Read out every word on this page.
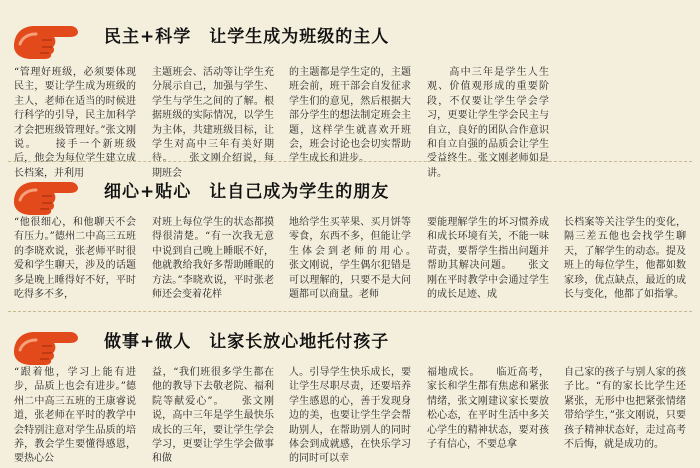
民主+科学　让学生成为班级的主人
“管理好班级，必须要体现民主，要让学生成为班级的主人，老师在适当的时候进行科学的引导，民主加科学才会把班级管理好。”张文刚说。　　接手一个新班级后，他会为每位学生建立成长档案，并利用
主题班会、活动等让学生充分展示自己，加强与学生、学生与学生之间的了解。根据班级的实际情况，以学生为主体，共建班级目标，让学生对高中三年有美好期待。　　张文刚介绍说，每期班会
的主题都是学生定的，主题班会前，班干部会自发征求学生们的意见，然后根据大部分学生的想法制定班会主题，这样学生就喜欢开班会，班会讨论也会切实帮助学生成长和进步。
　　高中三年是学生人生观、价值观形成的重要阶段，不仅要让学生学会学习，更要让学生学会民主与自立，良好的团队合作意识和自立自强的品质会让学生受益终生。张文刚老师如是讲。
细心+贴心　让自己成为学生的朋友
“他很细心，和他聊天不会有压力。”德州二中高三五班的李晓欢说，张老师平时很爱和学生聊天，涉及的话题多是晚上睡得好不好，平时吃得多不多，
对班上每位学生的状态都摸得很清楚。“有一次我无意中说到自己晚上睡眠不好，他就教给我好多帮助睡眠的方法。”李晓欢说，平时张老师还会变着花样
地给学生买苹果、买月饼等零食，东西不多，但能让学生体会到老师的用心。　　张文刚说，学生偶尔犯错是可以理解的，只要不是大问题都可以商量。老师
要能理解学生的坏习惯养成和成长环境有关，不能一味苛责，要帮学生指出问题并帮助其解决问题。　　张文刚在平时教学中会通过学生的成长足迹、成
长档案等关注学生的变化，隔三差五他也会找学生聊天，了解学生的动态。提及班上的每位学生，他都如数家珍，优点缺点，最近的成长与变化，他都了如指掌。
做事+做人　让家长放心地托付孩子
“跟着他，学习上能有进步，品质上也会有进步。”德州二中高三五班的王康睿说道，张老师在平时的教学中会特别注意对学生品质的培养，教会学生要懂得感恩，要热心公
益，“我们班很多学生都在他的教导下去敬老院、福利院等献爱心”。　　张文刚说，高中三年是学生最快乐成长的三年，要让学生学会学习，更要让学生学会做事和做
人。引导学生快乐成长，要让学生尽职尽责，还要培养学生感恩的心，善于发现身边的美，也要让学生学会帮助别人，在帮助别人的同时体会到成就感，在快乐学习的同时可以幸
福地成长。　　临近高考，家长和学生都有焦虑和紧张情绪，张文刚建议家长要放松心态，在平时生活中多关心学生的精神状态，要对孩子有信心，不要总拿
自己家的孩子与别人家的孩子比。“有的家长比学生还紧张，无形中也把紧张情绪带给学生，”张文刚说，只要孩子精神状态好，走过高考不后悔，就是成功的。
